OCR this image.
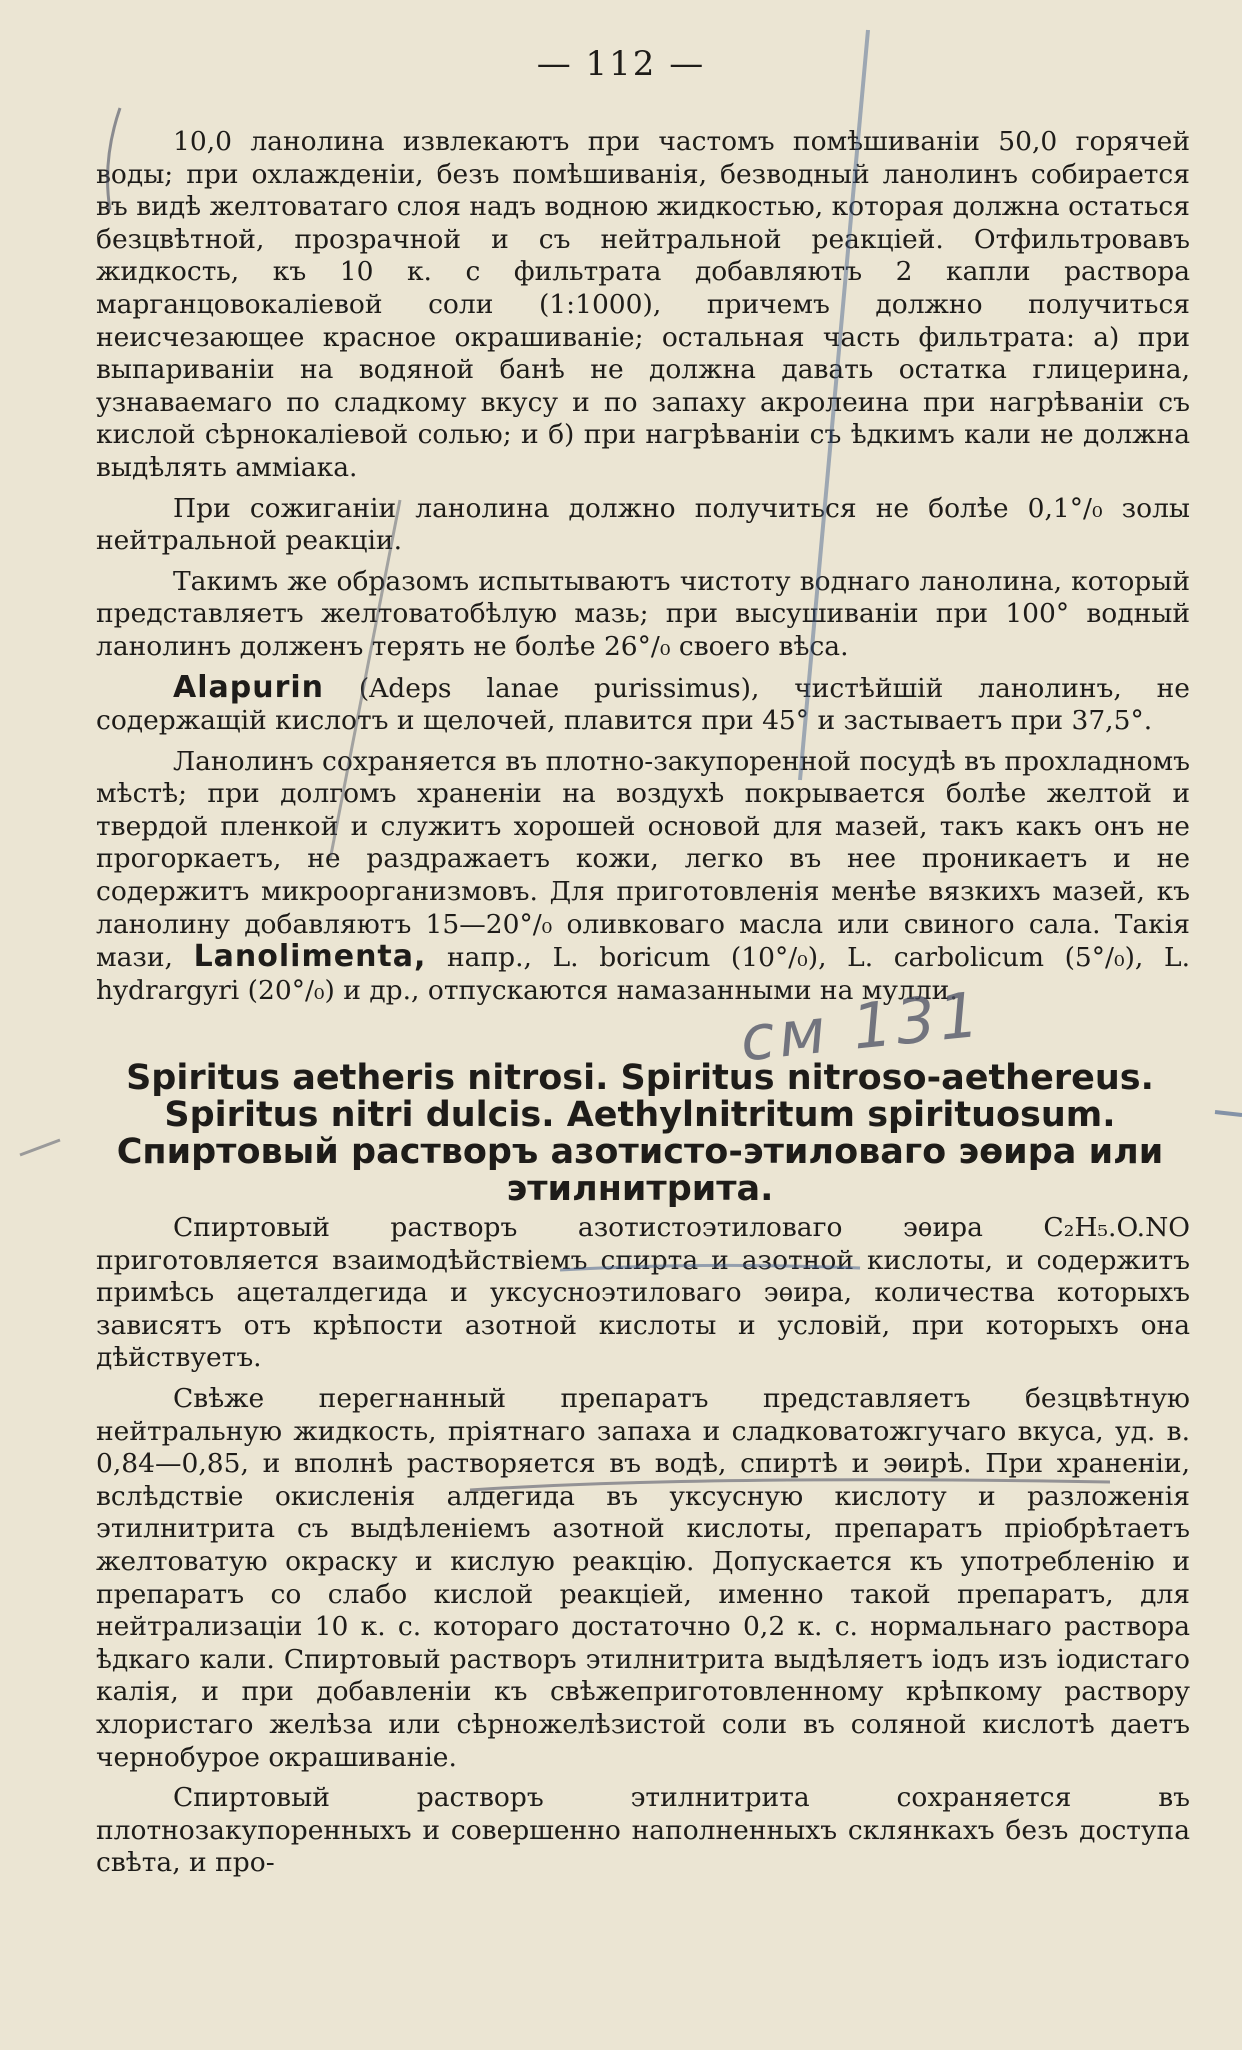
— 112 —

10,0 ланолина извлекаютъ при частомъ помѣшиваніи 50,0 горячей воды; при охлажденіи, безъ помѣшиванія, безводный ланолинъ собирается въ видѣ желтоватаго слоя надъ водною жидкостью, которая должна остаться безцвѣтной, прозрачной и съ нейтральной реакціей. Отфильтровавъ жидкость, къ 10 к. с фильтрата добавляютъ 2 капли раствора марганцовокаліевой соли (1:1000), причемъ должно получиться неисчезающее красное окрашиваніе; остальная часть фильтрата: а) при выпариваніи на водяной банѣ не должна давать остатка глицерина, узнаваемаго по сладкому вкусу и по запаху акролеина при нагрѣваніи съ кислой сѣрнокаліевой солью; и б) при нагрѣваніи съ ѣдкимъ кали не должна выдѣлять амміака.

При сожиганіи ланолина должно получиться не болѣе 0,1°/₀ золы нейтральной реакціи.

Такимъ же образомъ испытываютъ чистоту воднаго ланолина, который представляетъ желтоватобѣлую мазь; при высушиваніи при 100° водный ланолинъ долженъ терять не болѣе 26°/₀ своего вѣса.

Alapurin (Adeps lanae purissimus), чистѣйшій ланолинъ, не содержащій кислотъ и щелочей, плавится при 45° и застываетъ при 37,5°.

Ланолинъ сохраняется въ плотно-закупоренной посудѣ въ прохладномъ мѣстѣ; при долгомъ храненіи на воздухѣ покрывается болѣе желтой и твердой пленкой и служитъ хорошей основой для мазей, такъ какъ онъ не прогоркаетъ, не раздражаетъ кожи, легко въ нее проникаетъ и не содержитъ микроорганизмовъ. Для приготовленія менѣе вязкихъ мазей, къ ланолину добавляютъ 15—20°/₀ оливковаго масла или свиного сала. Такія мази, Lanolimenta, напр., L. boricum (10°/₀), L. carbolicum (5°/₀), L. hydrargyri (20°/₀) и др., отпускаются намазанными на мулли.

см 131
Spiritus aetheris nitrosi. Spiritus nitroso-aethereus.
Spiritus nitri dulcis. Aethylnitritum spirituosum.
Спиртовый растворъ азотисто-этиловаго эѳира или
этилнитрита.

Спиртовый растворъ азотистоэтиловаго эѳира C₂H₅.O.NO приготовляется взаимодѣйствіемъ спирта и азотной кислоты, и содержитъ примѣсь ацеталдегида и уксусноэтиловаго эѳира, количества которыхъ зависятъ отъ крѣпости азотной кислоты и условій, при которыхъ она дѣйствуетъ.

Свѣже перегнанный препаратъ представляетъ безцвѣтную нейтральную жидкость, пріятнаго запаха и сладковатожгучаго вкуса, уд. в. 0,84—0,85, и вполнѣ растворяется въ водѣ, спиртѣ и эѳирѣ. При храненіи, вслѣдствіе окисленія алдегида въ уксусную кислоту и разложенія этилнитрита съ выдѣленіемъ азотной кислоты, препаратъ пріобрѣтаетъ желтоватую окраску и кислую реакцію. Допускается къ употребленію и препаратъ со слабо кислой реакціей, именно такой препаратъ, для нейтрализаціи 10 к. с. котораго достаточно 0,2 к. с. нормальнаго раствора ѣдкаго кали. Спиртовый растворъ этилнитрита выдѣляетъ іодъ изъ іодистаго калія, и при добавленіи къ свѣжеприготовленному крѣпкому раствору хлористаго желѣза или сѣрножелѣзистой соли въ соляной кислотѣ даетъ чернобурое окрашиваніе.

Спиртовый растворъ этилнитрита сохраняется въ плотнозакупоренныхъ и совершенно наполненныхъ склянкахъ безъ доступа свѣта, и про-
